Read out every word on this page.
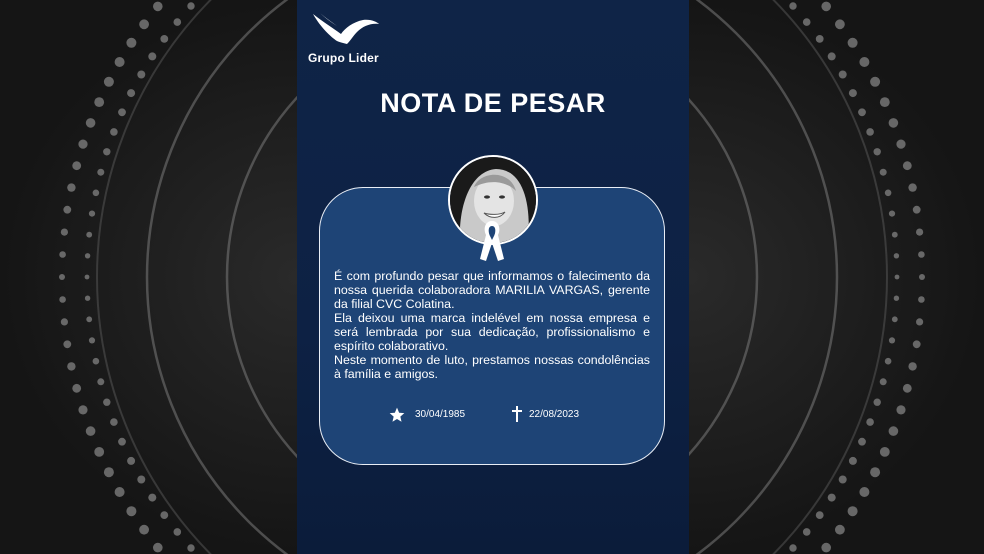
Grupo Lider
NOTA DE PESAR

É com profundo pesar que informamos o falecimento da nossa querida colaboradora MARILIA VARGAS, gerente da filial CVC Colatina.

Ela deixou uma marca indelével em nossa empresa e será lembrada por sua dedicação, profissionalismo e espírito colaborativo.

Neste momento de luto, prestamos nossas condolências à família e amigos.

30/04/1985	22/08/2023
